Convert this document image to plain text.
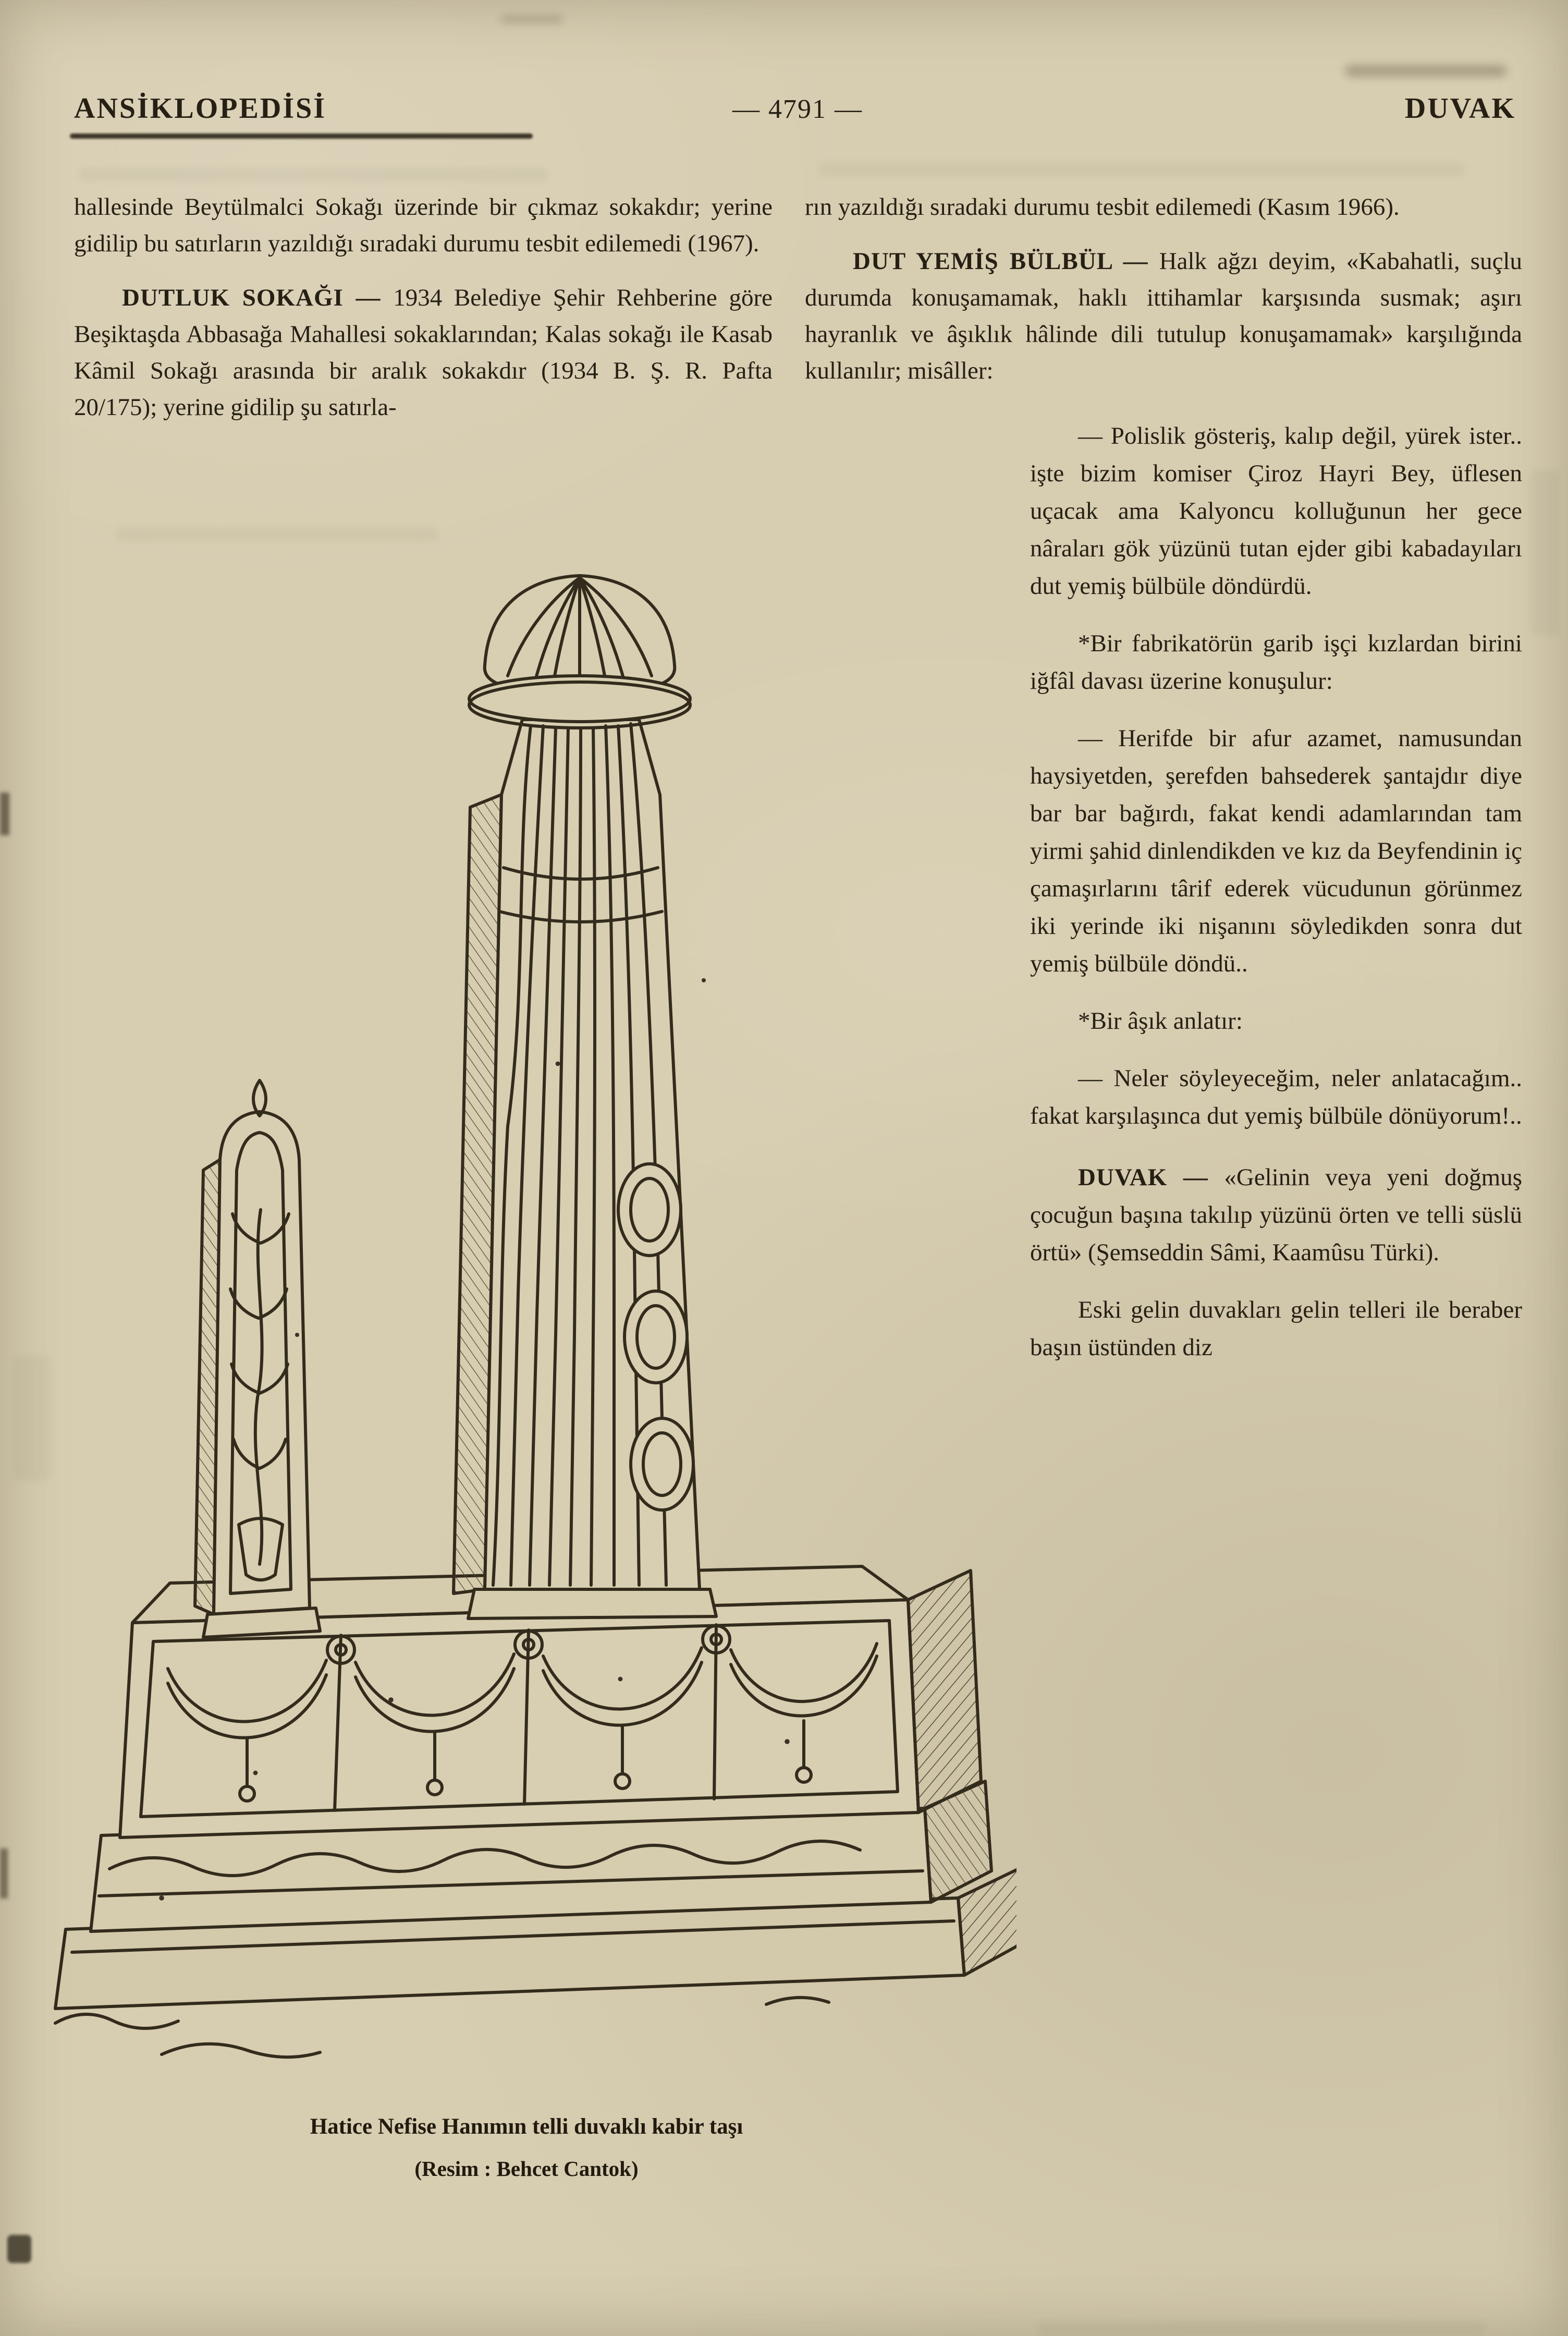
ANSİKLOPEDİSİ	— 4791 —	DUVAK

hallesinde Beytülmalci Sokağı üzerinde bir çıkmaz sokakdır; yerine gidilip bu satırların yazıldığı sıradaki durumu tesbit edilemedi (1967).

DUTLUK SOKAĞI — 1934 Belediye Şehir Rehberine göre Beşiktaşda Abbasağa Mahallesi sokaklarından; Kalas sokağı ile Kasab Kâmil Sokağı arasında bir aralık sokakdır (1934 B. Ş. R. Pafta 20/175); yerine gidilip şu satırla-

rın yazıldığı sıradaki durumu tesbit edilemedi (Kasım 1966).

DUT YEMİŞ BÜLBÜL — Halk ağzı deyim, «Kabahatli, suçlu durumda konuşamamak, haklı ittihamlar karşısında susmak; aşırı hayranlık ve âşıklık hâlinde dili tutulup konuşamamak» karşılığında kullanılır; misâller:

— Polislik gösteriş, kalıp değil, yürek ister.. işte bizim komiser Çiroz Hayri Bey, üflesen uçacak ama Kalyoncu kolluğunun her gece nâraları gök yüzünü tutan ejder gibi kabadayıları dut yemiş bülbüle döndürdü.

*Bir fabrikatörün garib işçi kızlardan birini iğfâl davası üzerine konuşulur:

— Herifde bir afur azamet, namusundan haysiyetden, şerefden bahsederek şantajdır diye bar bar bağırdı, fakat kendi adamlarından tam yirmi şahid dinlendikden ve kız da Beyfendinin iç çamaşırlarını târif ederek vücudunun görünmez iki yerinde iki nişanını söyledikden sonra dut yemiş bülbüle döndü..

*Bir âşık anlatır:

— Neler söyleyeceğim, neler anlatacağım.. fakat karşılaşınca dut yemiş bülbüle dönüyorum!..

DUVAK — «Gelinin veya yeni doğmuş çocuğun başına takılıp yüzünü örten ve telli süslü örtü» (Şemseddin Sâmi, Kaamûsu Türki).

Eski gelin duvakları gelin telleri ile beraber başın üstünden diz

Hatice Nefise Hanımın telli duvaklı kabir taşı
(Resim : Behcet Cantok)
